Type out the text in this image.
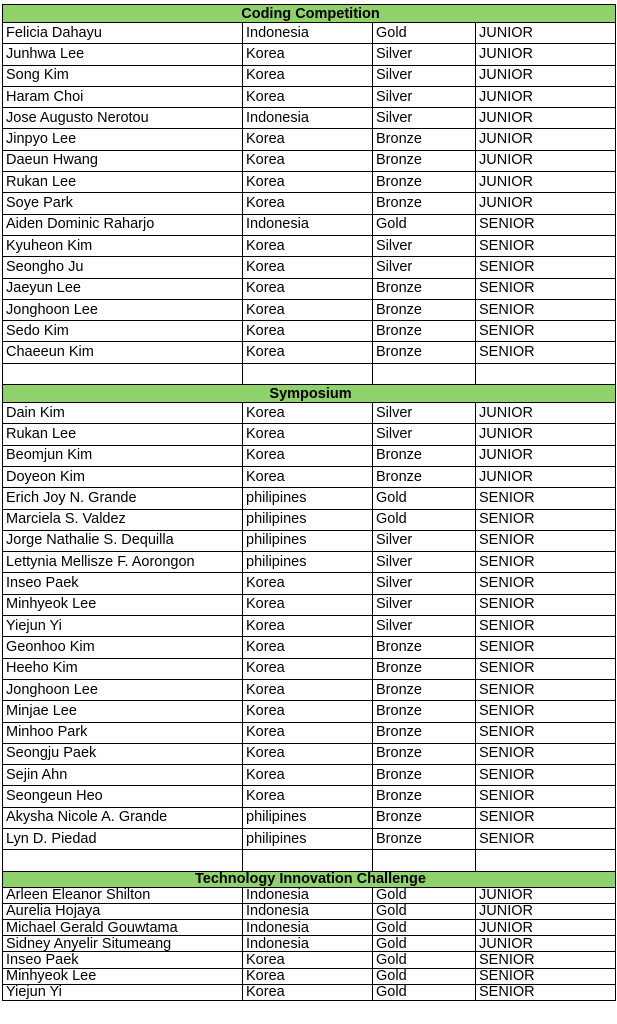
Coding Competition			
Felicia Dahayu	Indonesia	Gold	JUNIOR
Junhwa Lee	Korea	Silver	JUNIOR
Song Kim	Korea	Silver	JUNIOR
Haram Choi	Korea	Silver	JUNIOR
Jose Augusto Nerotou	Indonesia	Silver	JUNIOR
Jinpyo Lee	Korea	Bronze	JUNIOR
Daeun Hwang	Korea	Bronze	JUNIOR
Rukan Lee	Korea	Bronze	JUNIOR
Soye Park	Korea	Bronze	JUNIOR
Aiden Dominic Raharjo	Indonesia	Gold	SENIOR
Kyuheon Kim	Korea	Silver	SENIOR
Seongho Ju	Korea	Silver	SENIOR
Jaeyun Lee	Korea	Bronze	SENIOR
Jonghoon Lee	Korea	Bronze	SENIOR
Sedo Kim	Korea	Bronze	SENIOR
Chaeeun Kim	Korea	Bronze	SENIOR

Symposium			
Dain Kim	Korea	Silver	JUNIOR
Rukan Lee	Korea	Silver	JUNIOR
Beomjun Kim	Korea	Bronze	JUNIOR
Doyeon Kim	Korea	Bronze	JUNIOR
Erich Joy N. Grande	philipines	Gold	SENIOR
Marciela S. Valdez	philipines	Gold	SENIOR
Jorge Nathalie S. Dequilla	philipines	Silver	SENIOR
Lettynia Mellisze F. Aorongon	philipines	Silver	SENIOR
Inseo Paek	Korea	Silver	SENIOR
Minhyeok Lee	Korea	Silver	SENIOR
Yiejun Yi	Korea	Silver	SENIOR
Geonhoo Kim	Korea	Bronze	SENIOR
Heeho Kim	Korea	Bronze	SENIOR
Jonghoon Lee	Korea	Bronze	SENIOR
Minjae Lee	Korea	Bronze	SENIOR
Minhoo Park	Korea	Bronze	SENIOR
Seongju Paek	Korea	Bronze	SENIOR
Sejin Ahn	Korea	Bronze	SENIOR
Seongeun Heo	Korea	Bronze	SENIOR
Akysha Nicole A. Grande	philipines	Bronze	SENIOR
Lyn D. Piedad	philipines	Bronze	SENIOR

Technology Innovation Challenge			
Arleen Eleanor Shilton	Indonesia	Gold	JUNIOR
Aurelia Hojaya	Indonesia	Gold	JUNIOR
Michael Gerald Gouwtama	Indonesia	Gold	JUNIOR
Sidney Anyelir Situmeang	Indonesia	Gold	JUNIOR
Inseo Paek	Korea	Gold	SENIOR
Minhyeok Lee	Korea	Gold	SENIOR
Yiejun Yi	Korea	Gold	SENIOR
